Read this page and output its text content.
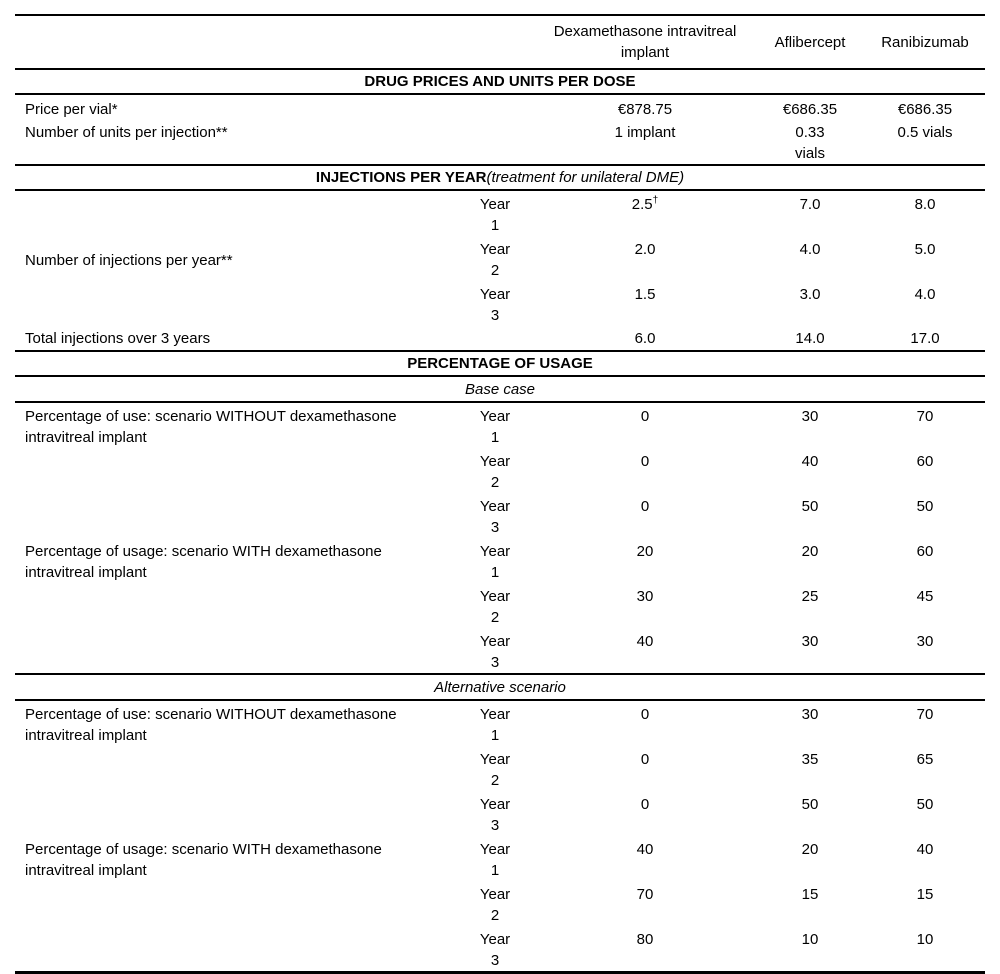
		Dexamethasone intravitreal implant	Aflibercept	Ranibizumab
DRUG PRICES AND UNITS PER DOSE				
Price per vial*		€878.75	€686.35	€686.35
Number of units per injection**		1 implant	0.33 vials	0.5 vials
INJECTIONS PER YEAR(treatment for unilateral DME)				
Number of injections per year**	Year 1	2.5†	7.0	8.0
	Year 2	2.0	4.0	5.0
	Year 3	1.5	3.0	4.0
Total injections over 3 years		6.0	14.0	17.0
PERCENTAGE OF USAGE				
Base case				
Percentage of use: scenario WITHOUT dexamethasone intravitreal implant	Year 1	0	30	70
	Year 2	0	40	60
	Year 3	0	50	50
Percentage of usage: scenario WITH dexamethasone intravitreal implant	Year 1	20	20	60
	Year 2	30	25	45
	Year 3	40	30	30
Alternative scenario				
Percentage of use: scenario WITHOUT dexamethasone intravitreal implant	Year 1	0	30	70
	Year 2	0	35	65
	Year 3	0	50	50
Percentage of usage: scenario WITH dexamethasone intravitreal implant	Year 1	40	20	40
	Year 2	70	15	15
	Year 3	80	10	10
